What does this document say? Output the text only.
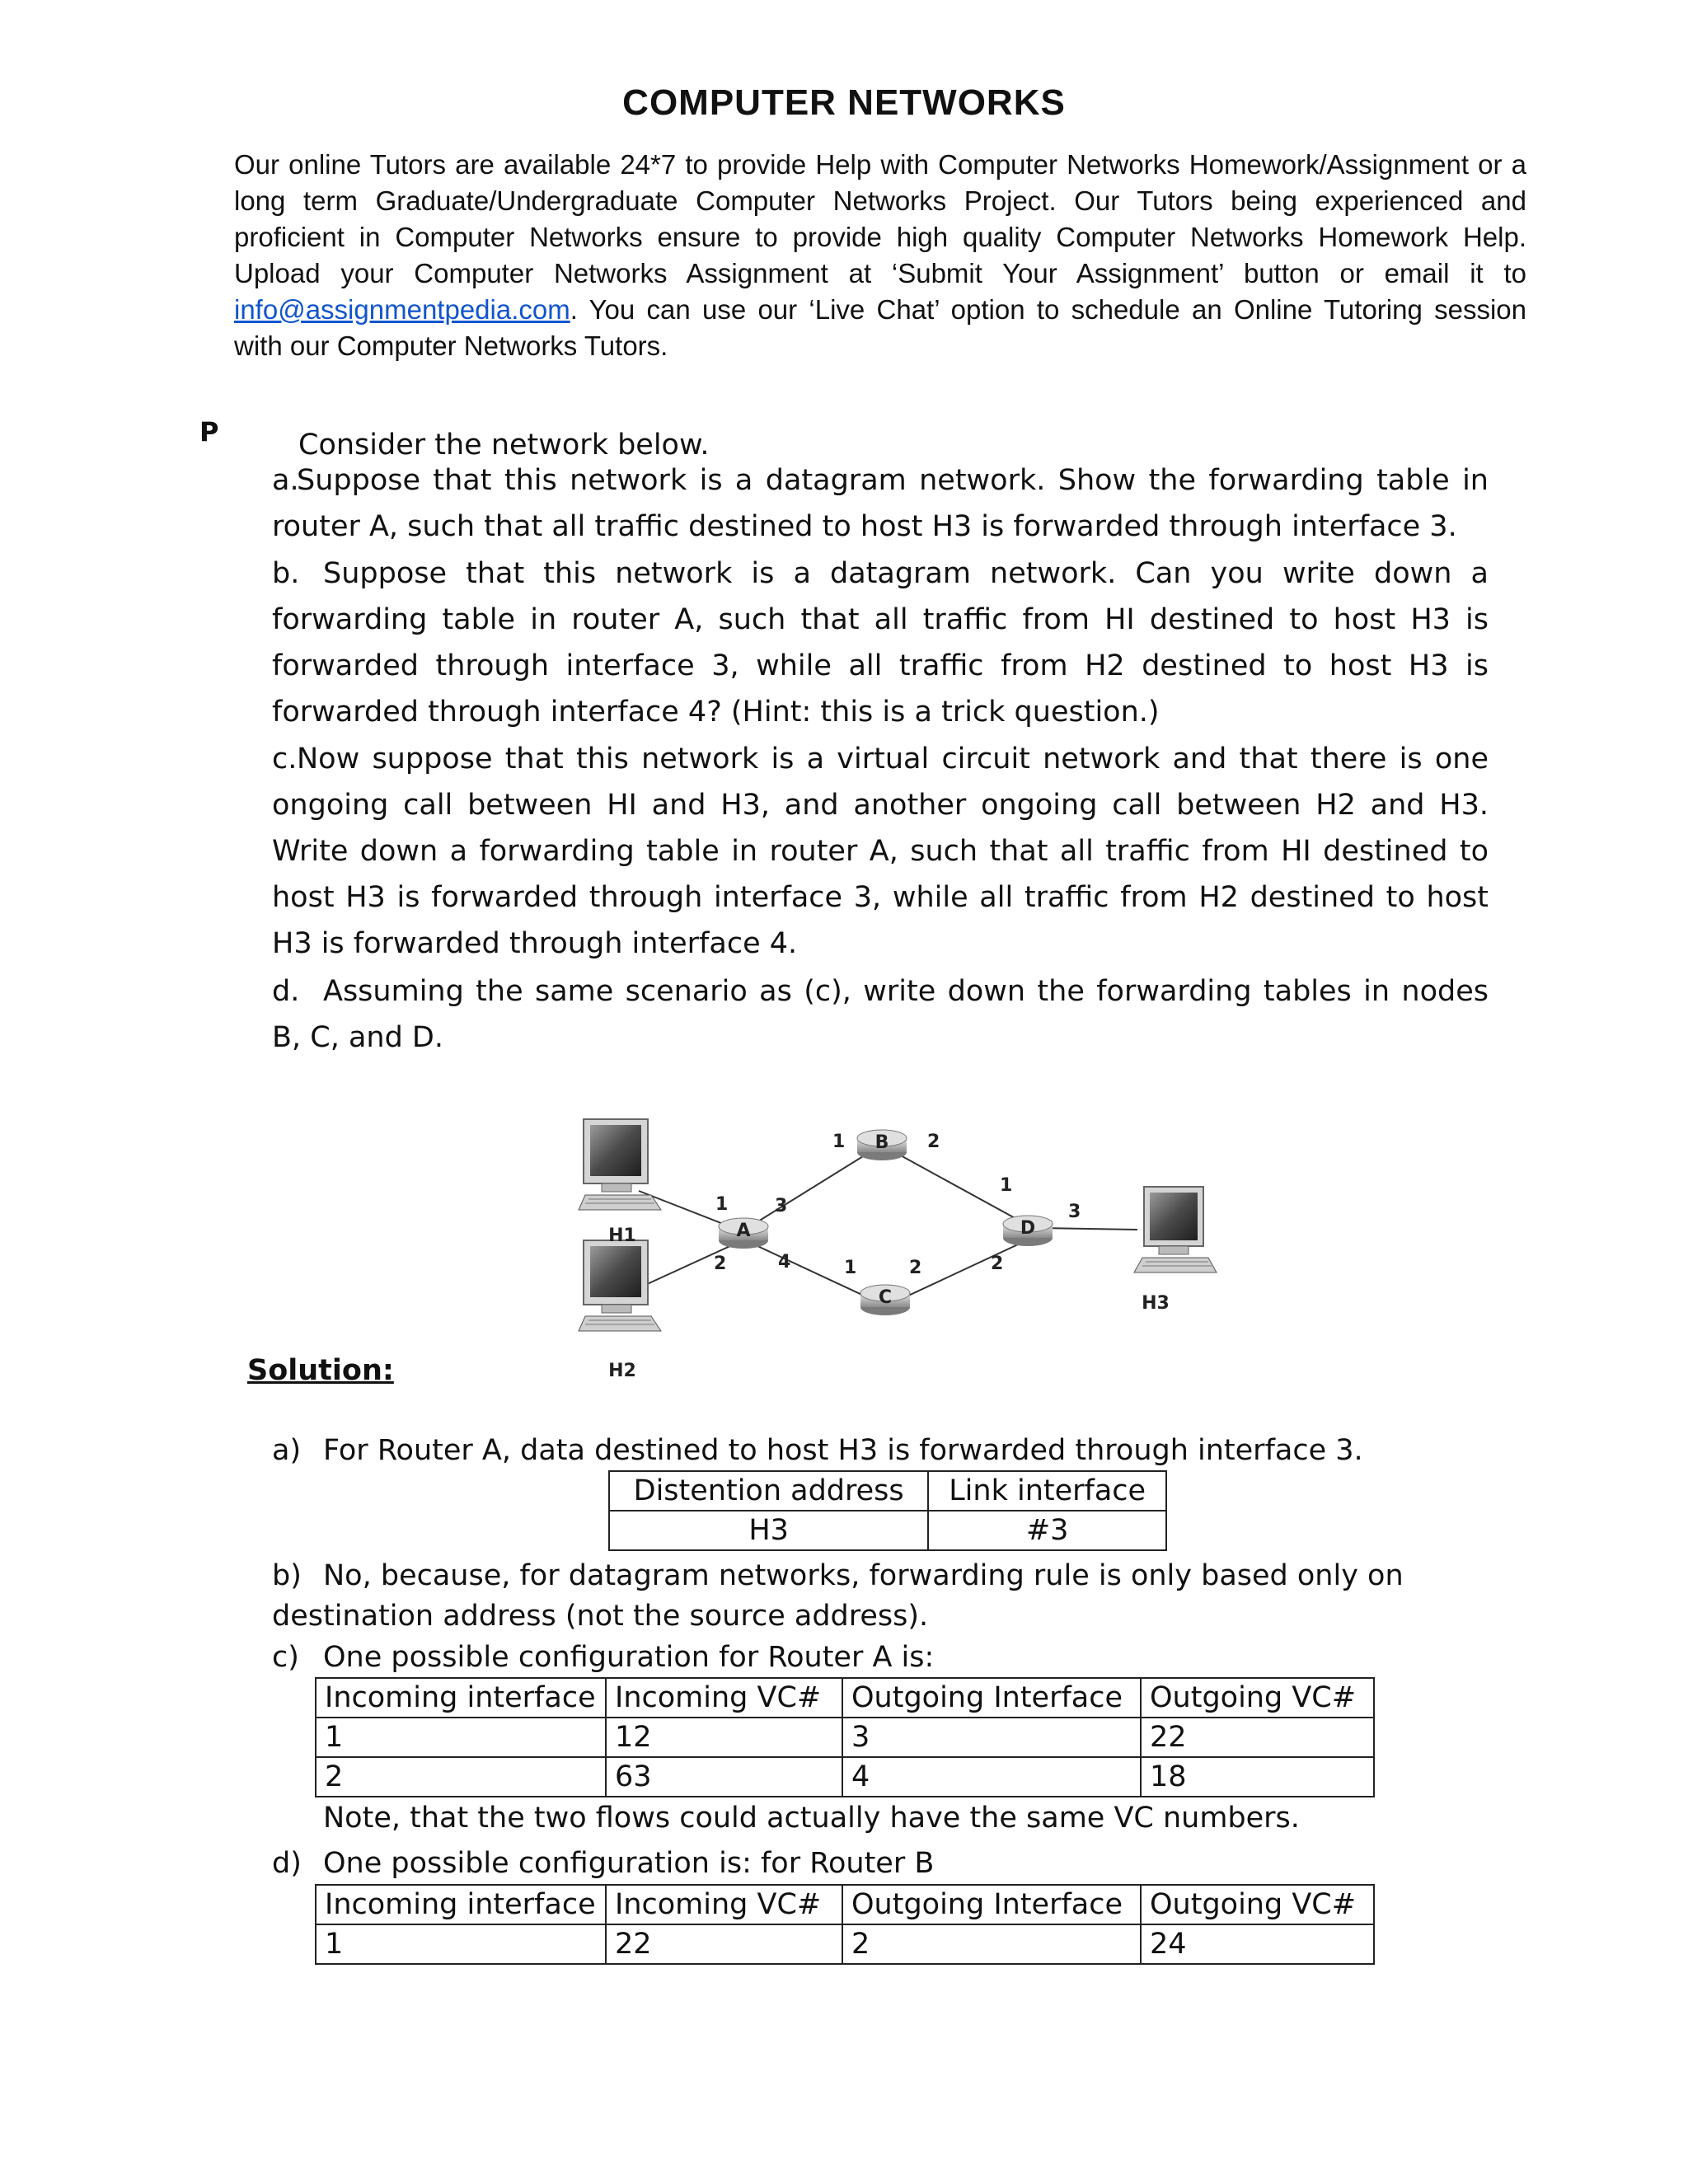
COMPUTER NETWORKS

Our online Tutors are available 24*7 to provide Help with Computer Networks Homework/Assignment or a long term Graduate/Undergraduate Computer Networks Project. Our Tutors being experienced and proficient in Computer Networks ensure to provide high quality Computer Networks Homework Help. Upload your Computer Networks Assignment at ‘Submit Your Assignment’ button or email it to info@assignmentpedia.com. You can use our ‘Live Chat’ option to schedule an Online Tutoring session with our Computer Networks Tutors.

P	Consider the network below.
a.Suppose that this network is a datagram network. Show the forwarding table in router A, such that all traffic destined to host H3 is forwarded through interface 3.
b. Suppose that this network is a datagram network. Can you write down a forwarding table in router A, such that all traffic from HI destined to host H3 is forwarded through interface 3, while all traffic from H2 destined to host H3 is forwarded through interface 4? (Hint: this is a trick question.)
c.Now suppose that this network is a virtual circuit network and that there is one ongoing call between HI and H3, and another ongoing call between H2 and H3. Write down a forwarding table in router A, such that all traffic from HI destined to host H3 is forwarded through interface 3, while all traffic from H2 destined to host H3 is forwarded through interface 4.
d. Assuming the same scenario as (c), write down the forwarding tables in nodes B, C, and D.
A
B
C
D
H1
H2
H3
1	3
2	4
1	2
1	2
1
3
2
Solution:
a) For Router A, data destined to host H3 is forwarded through interface 3.
Distention address	Link interface
H3	#3
b) No, because, for datagram networks, forwarding rule is only based only on destination address (not the source address).
c) One possible configuration for Router A is:
Incoming interface	Incoming VC#	Outgoing Interface	Outgoing VC#
1	12	3	22
2	63	4	18
Note, that the two flows could actually have the same VC numbers.
d) One possible configuration is: for Router B
Incoming interface	Incoming VC#	Outgoing Interface	Outgoing VC#
1	22	2	24
